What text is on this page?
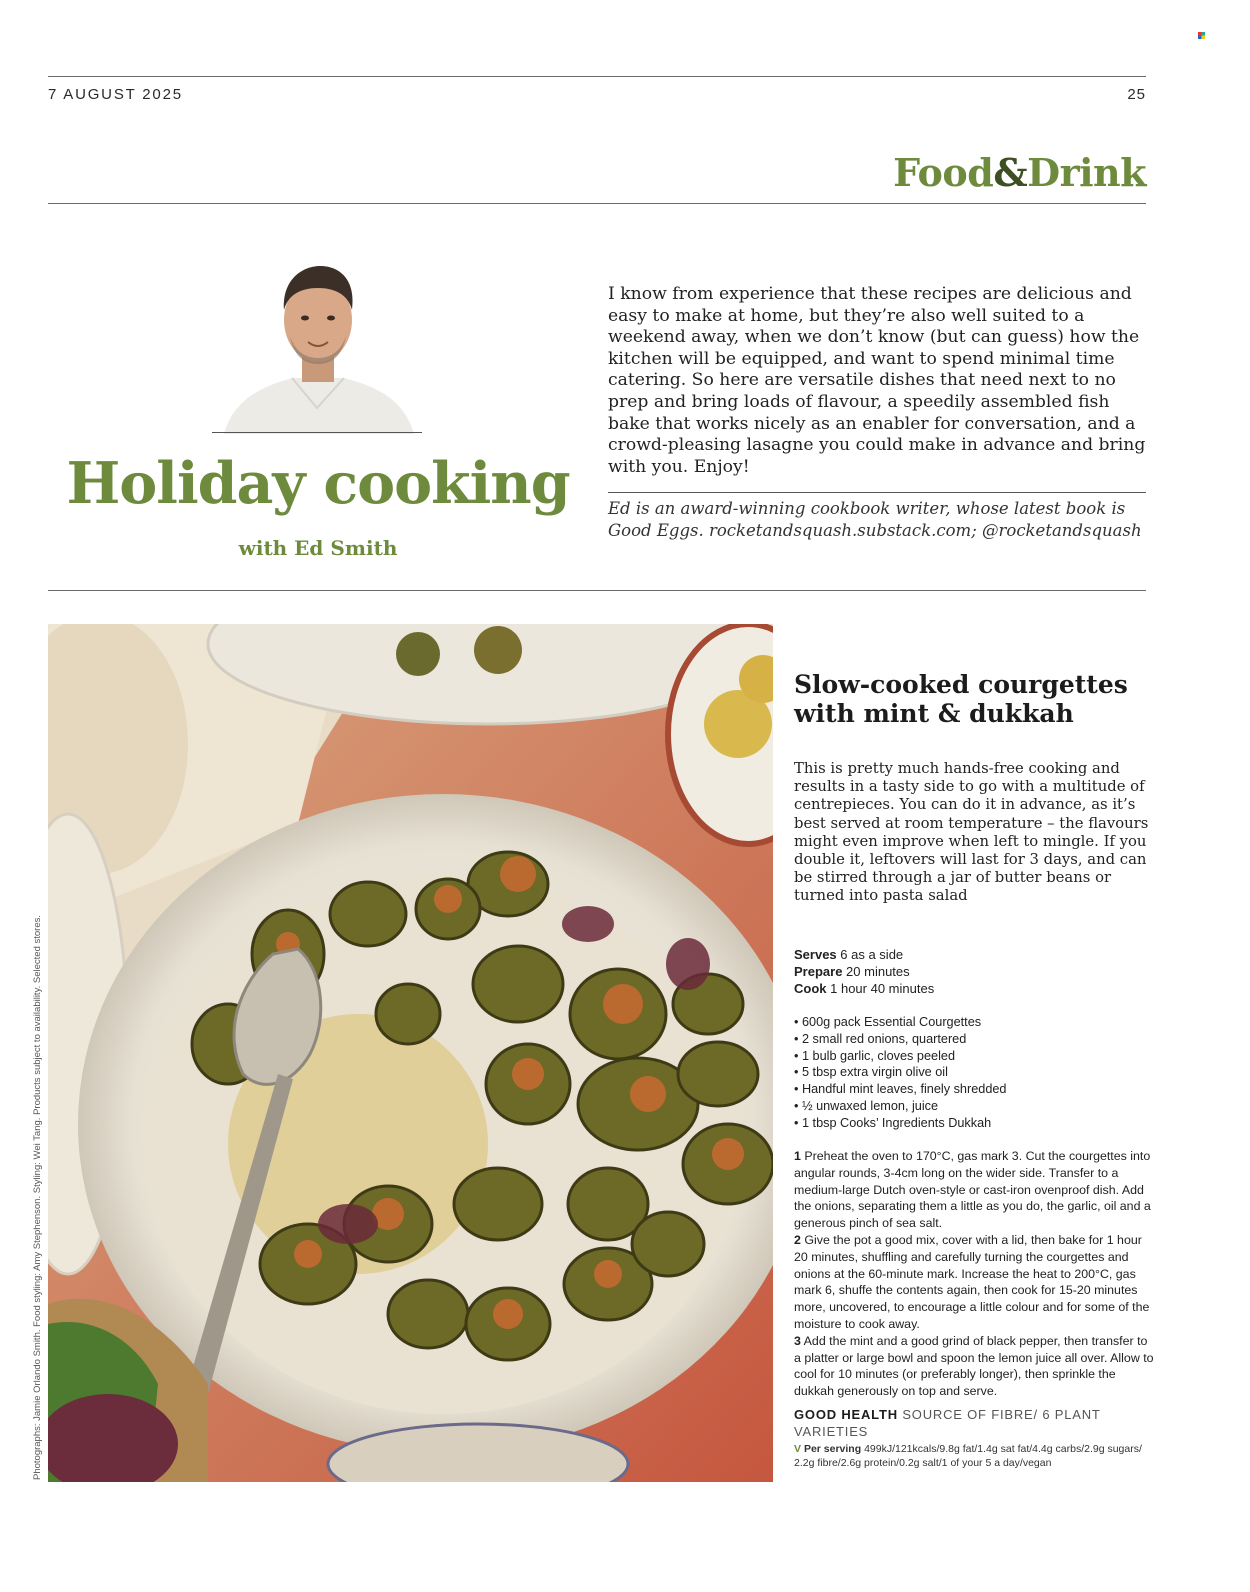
7 AUGUST 2025	25
Food&Drink
Holiday cooking
with Ed Smith
I know from experience that these recipes are delicious and easy to make at home, but they’re also well suited to a weekend away, when we don’t know (but can guess) how the kitchen will be equipped, and want to spend minimal time catering. So here are versatile dishes that need next to no prep and bring loads of flavour, a speedily assembled fish bake that works nicely as an enabler for conversation, and a crowd-pleasing lasagne you could make in advance and bring with you. Enjoy!
Ed is an award-winning cookbook writer, whose latest book is Good Eggs. rocketandsquash.substack.com; @rocketandsquash
Photographs: Jamie Orlando Smith. Food styling: Amy Stephenson. Styling: Wei Tang. Products subject to availability. Selected stores.
Slow-cooked courgettes with mint & dukkah
This is pretty much hands-free cooking and results in a tasty side to go with a multitude of centrepieces. You can do it in advance, as it’s best served at room temperature – the flavours might even improve when left to mingle. If you double it, leftovers will last for 3 days, and can be stirred through a jar of butter beans or turned into pasta salad
Serves 6 as a side
Prepare 20 minutes
Cook 1 hour 40 minutes
• 600g pack Essential Courgettes
• 2 small red onions, quartered
• 1 bulb garlic, cloves peeled
• 5 tbsp extra virgin olive oil
• Handful mint leaves, finely shredded
• ½ unwaxed lemon, juice
• 1 tbsp Cooks’ Ingredients Dukkah

1 Preheat the oven to 170°C, gas mark 3. Cut the courgettes into angular rounds, 3-4cm long on the wider side. Transfer to a medium-large Dutch oven-style or cast-iron ovenproof dish. Add the onions, separating them a little as you do, the garlic, oil and a generous pinch of sea salt.

2 Give the pot a good mix, cover with a lid, then bake for 1 hour 20 minutes, shuffling and carefully turning the courgettes and onions at the 60-minute mark. Increase the heat to 200°C, gas mark 6, shuffe the contents again, then cook for 15-20 minutes more, uncovered, to encourage a little colour and for some of the moisture to cook away.

3 Add the mint and a good grind of black pepper, then transfer to a platter or large bowl and spoon the lemon juice all over. Allow to cool for 10 minutes (or preferably longer), then sprinkle the dukkah generously on top and serve.

GOOD HEALTH SOURCE OF FIBRE/ 6 PLANT VARIETIES
V Per serving 499kJ/121kcals/9.8g fat/1.4g sat fat/4.4g carbs/2.9g sugars/ 2.2g fibre/2.6g protein/0.2g salt/1 of your 5 a day/vegan
